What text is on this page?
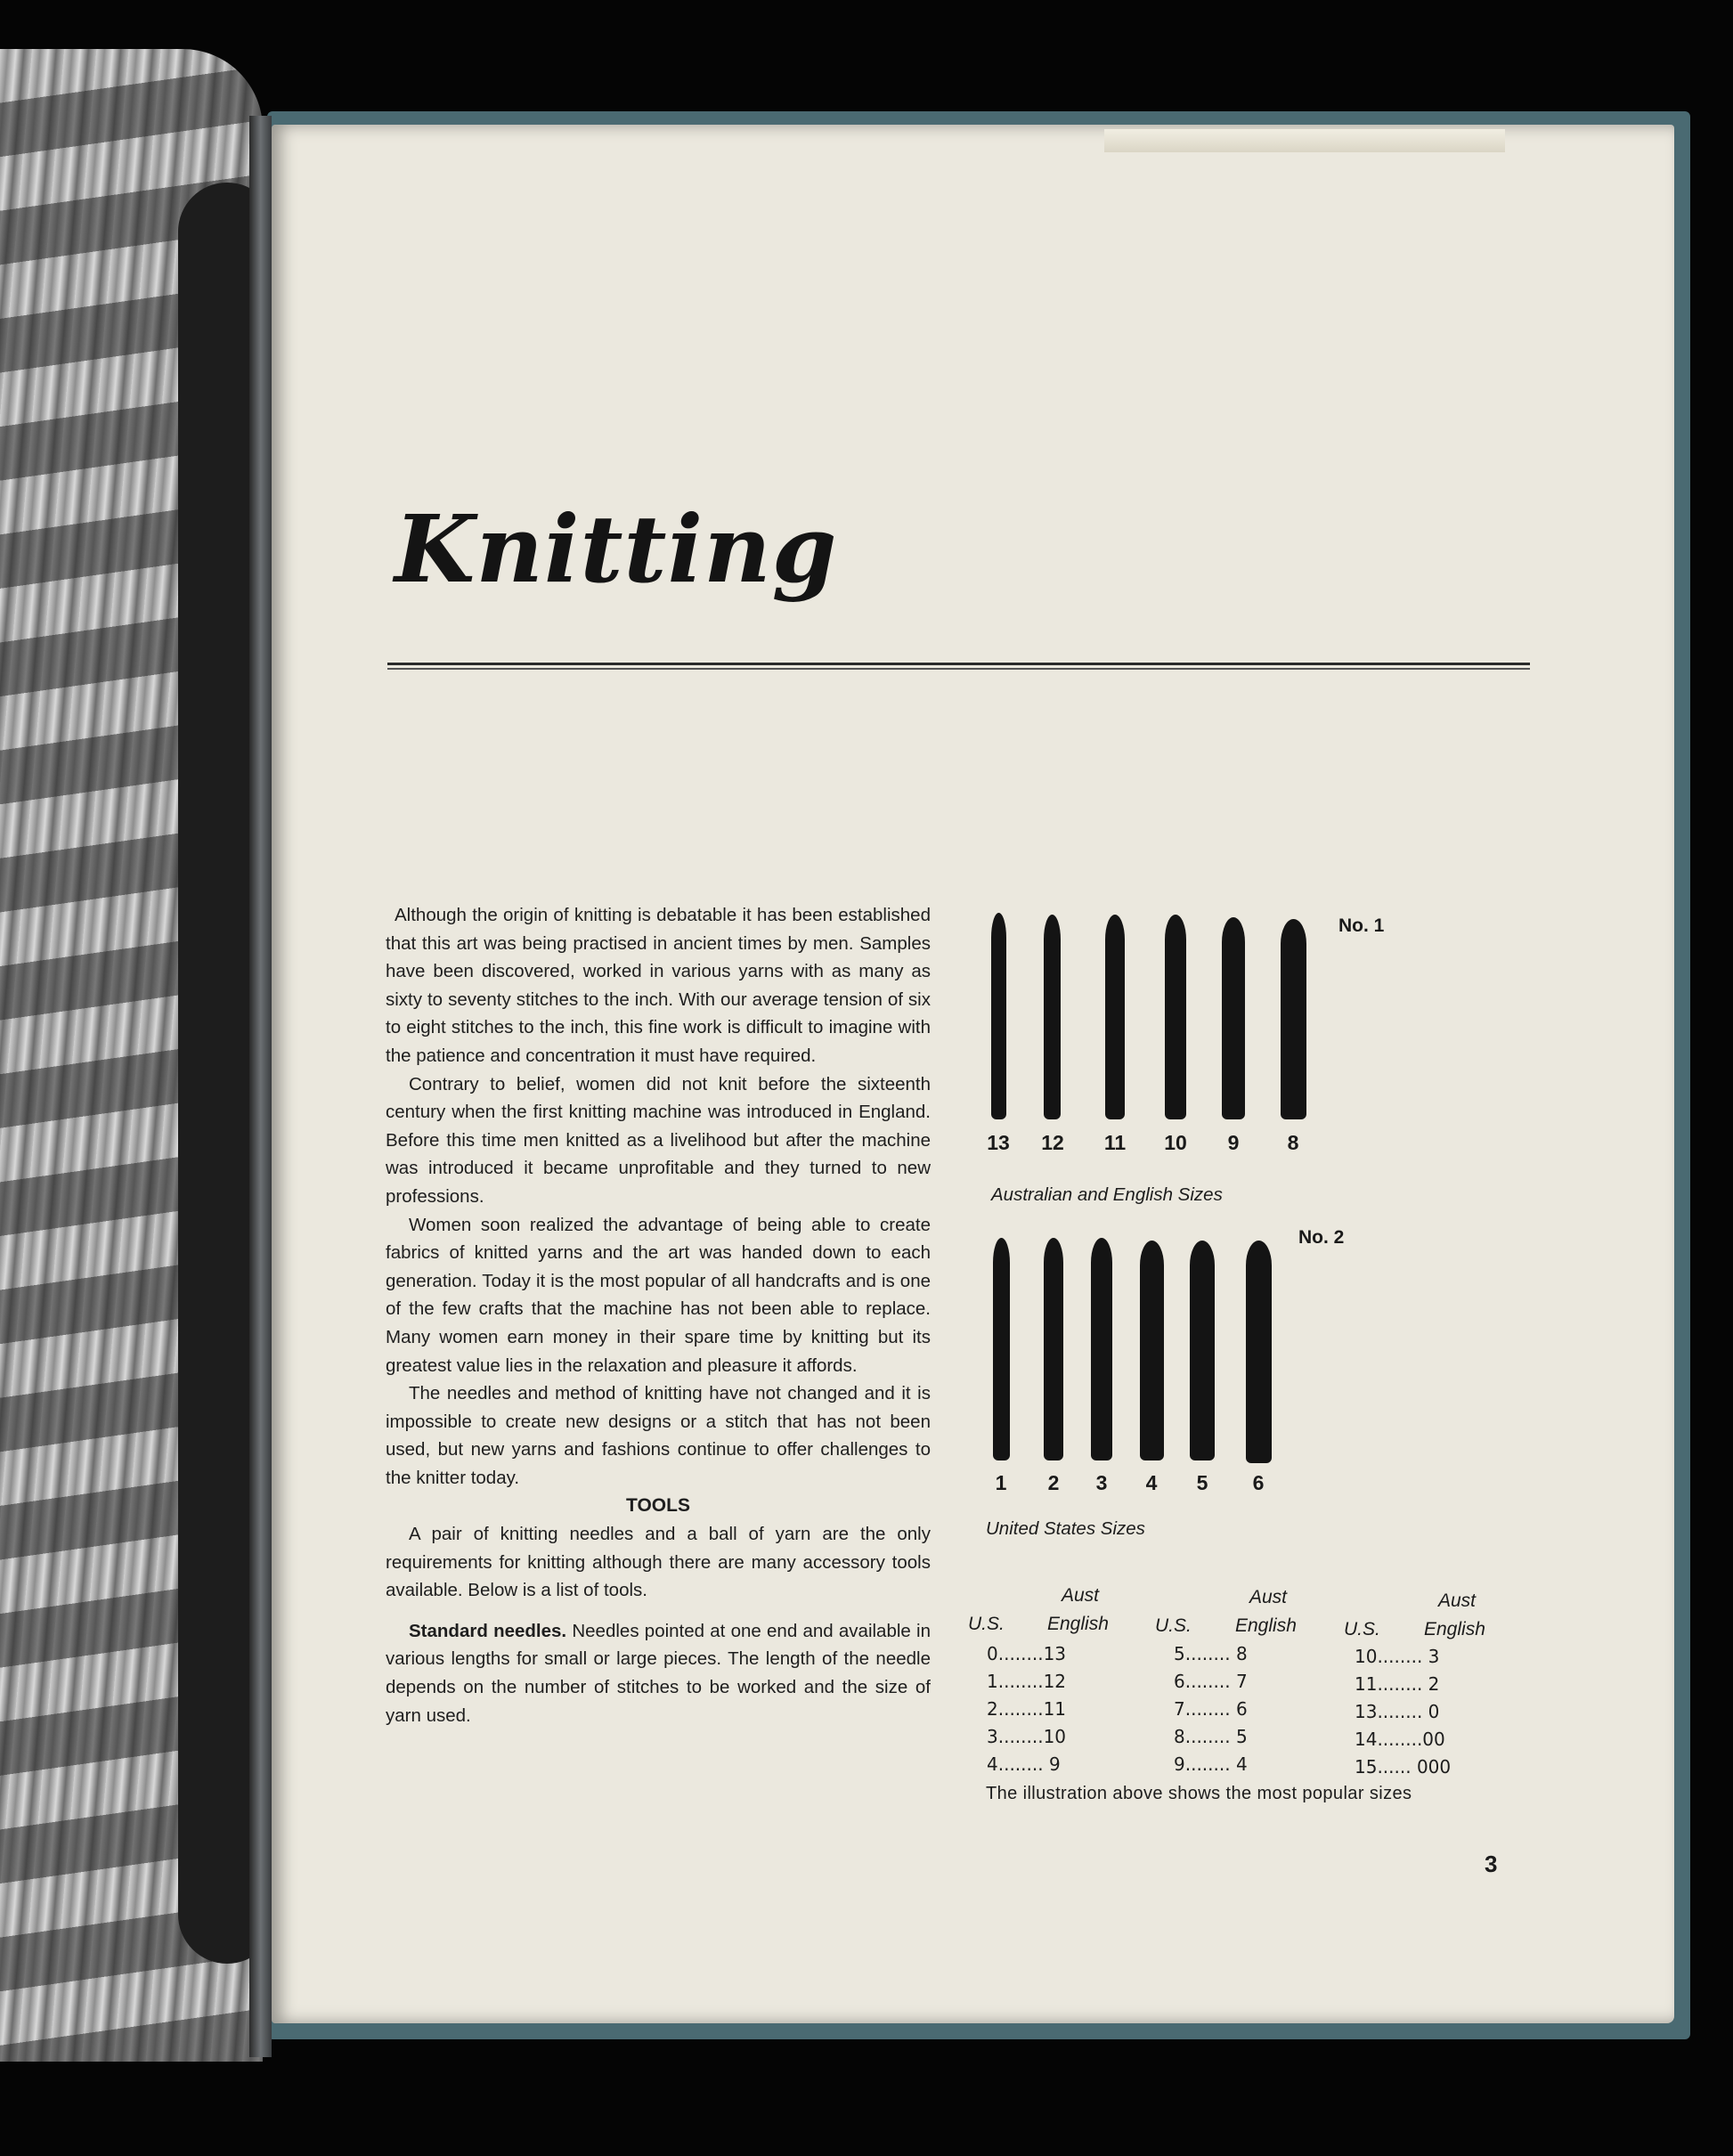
Knitting

Although the origin of knitting is debatable it has been established that this art was being practised in ancient times by men. Samples have been discovered, worked in various yarns with as many as sixty to seventy stitches to the inch. With our average tension of six to eight stitches to the inch, this fine work is difficult to imagine with the patience and concentration it must have required.

Contrary to belief, women did not knit before the sixteenth century when the first knitting machine was introduced in England. Before this time men knitted as a livelihood but after the machine was introduced it became unprofitable and they turned to new professions.

Women soon realized the advantage of being able to create fabrics of knitted yarns and the art was handed down to each generation. Today it is the most popular of all handcrafts and is one of the few crafts that the machine has not been able to replace. Many women earn money in their spare time by knitting but its greatest value lies in the relaxation and pleasure it affords.

The needles and method of knitting have not changed and it is impossible to create new designs or a stitch that has not been used, but new yarns and fashions continue to offer challenges to the knitter today.

TOOLS

A pair of knitting needles and a ball of yarn are the only requirements for knitting although there are many accessory tools available. Below is a list of tools.

Standard needles. Needles pointed at one end and available in various lengths for small or large pieces. The length of the needle depends on the number of stitches to be worked and the size of yarn used.

No. 1
13	12	11	10	9	8
Australian and English Sizes
No. 2
1	2	3	4	5	6
United States Sizes
Aust	Aust	Aust
U.S. English U.S. English	U.S. English
0........13
1........12
2........11
3........10
4........ 9
5........ 8
6........ 7
7........ 6
8........ 5
9........ 4
10........ 3
11........ 2
13........ 0
14........00
15...... 000
The illustration above shows the most popular sizes
3
